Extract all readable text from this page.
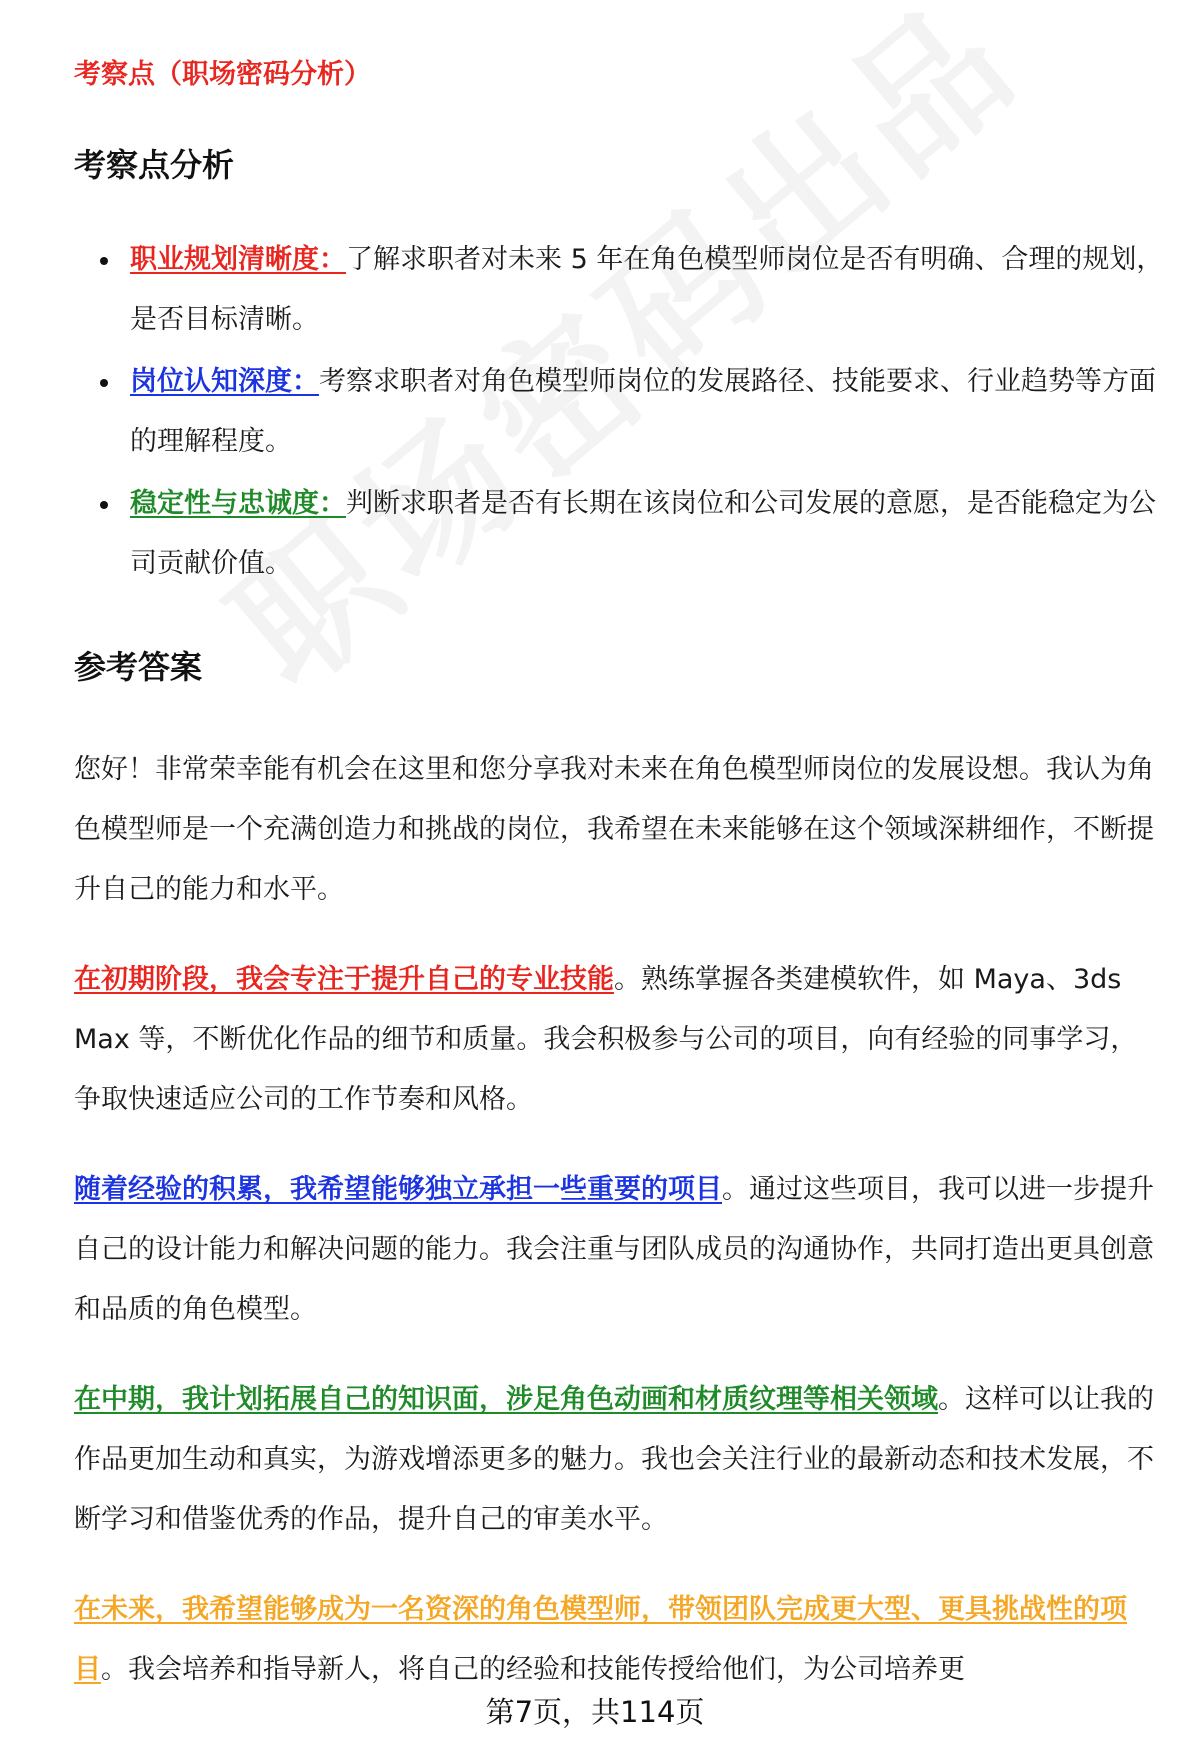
考察点（职场密码分析）
考察点分析
职业规划清晰度：了解求职者对未来 5 年在角色模型师岗位是否有明确、合理的规划，是否目标清晰。
岗位认知深度：考察求职者对角色模型师岗位的发展路径、技能要求、行业趋势等方面的理解程度。
稳定性与忠诚度：判断求职者是否有长期在该岗位和公司发展的意愿，是否能稳定为公司贡献价值。
参考答案

您好！非常荣幸能有机会在这里和您分享我对未来在角色模型师岗位的发展设想。我认为角色模型师是一个充满创造力和挑战的岗位，我希望在未来能够在这个领域深耕细作，不断提升自己的能力和水平。

在初期阶段，我会专注于提升自己的专业技能。熟练掌握各类建模软件，如 Maya、3ds Max 等，不断优化作品的细节和质量。我会积极参与公司的项目，向有经验的同事学习，争取快速适应公司的工作节奏和风格。

随着经验的积累，我希望能够独立承担一些重要的项目。通过这些项目，我可以进一步提升自己的设计能力和解决问题的能力。我会注重与团队成员的沟通协作，共同打造出更具创意和品质的角色模型。

在中期，我计划拓展自己的知识面，涉足角色动画和材质纹理等相关领域。这样可以让我的作品更加生动和真实，为游戏增添更多的魅力。我也会关注行业的最新动态和技术发展，不断学习和借鉴优秀的作品，提升自己的审美水平。

在未来，我希望能够成为一名资深的角色模型师，带领团队完成更大型、更具挑战性的项目。我会培养和指导新人，将自己的经验和技能传授给他们，为公司培养更

第7页，共114页
